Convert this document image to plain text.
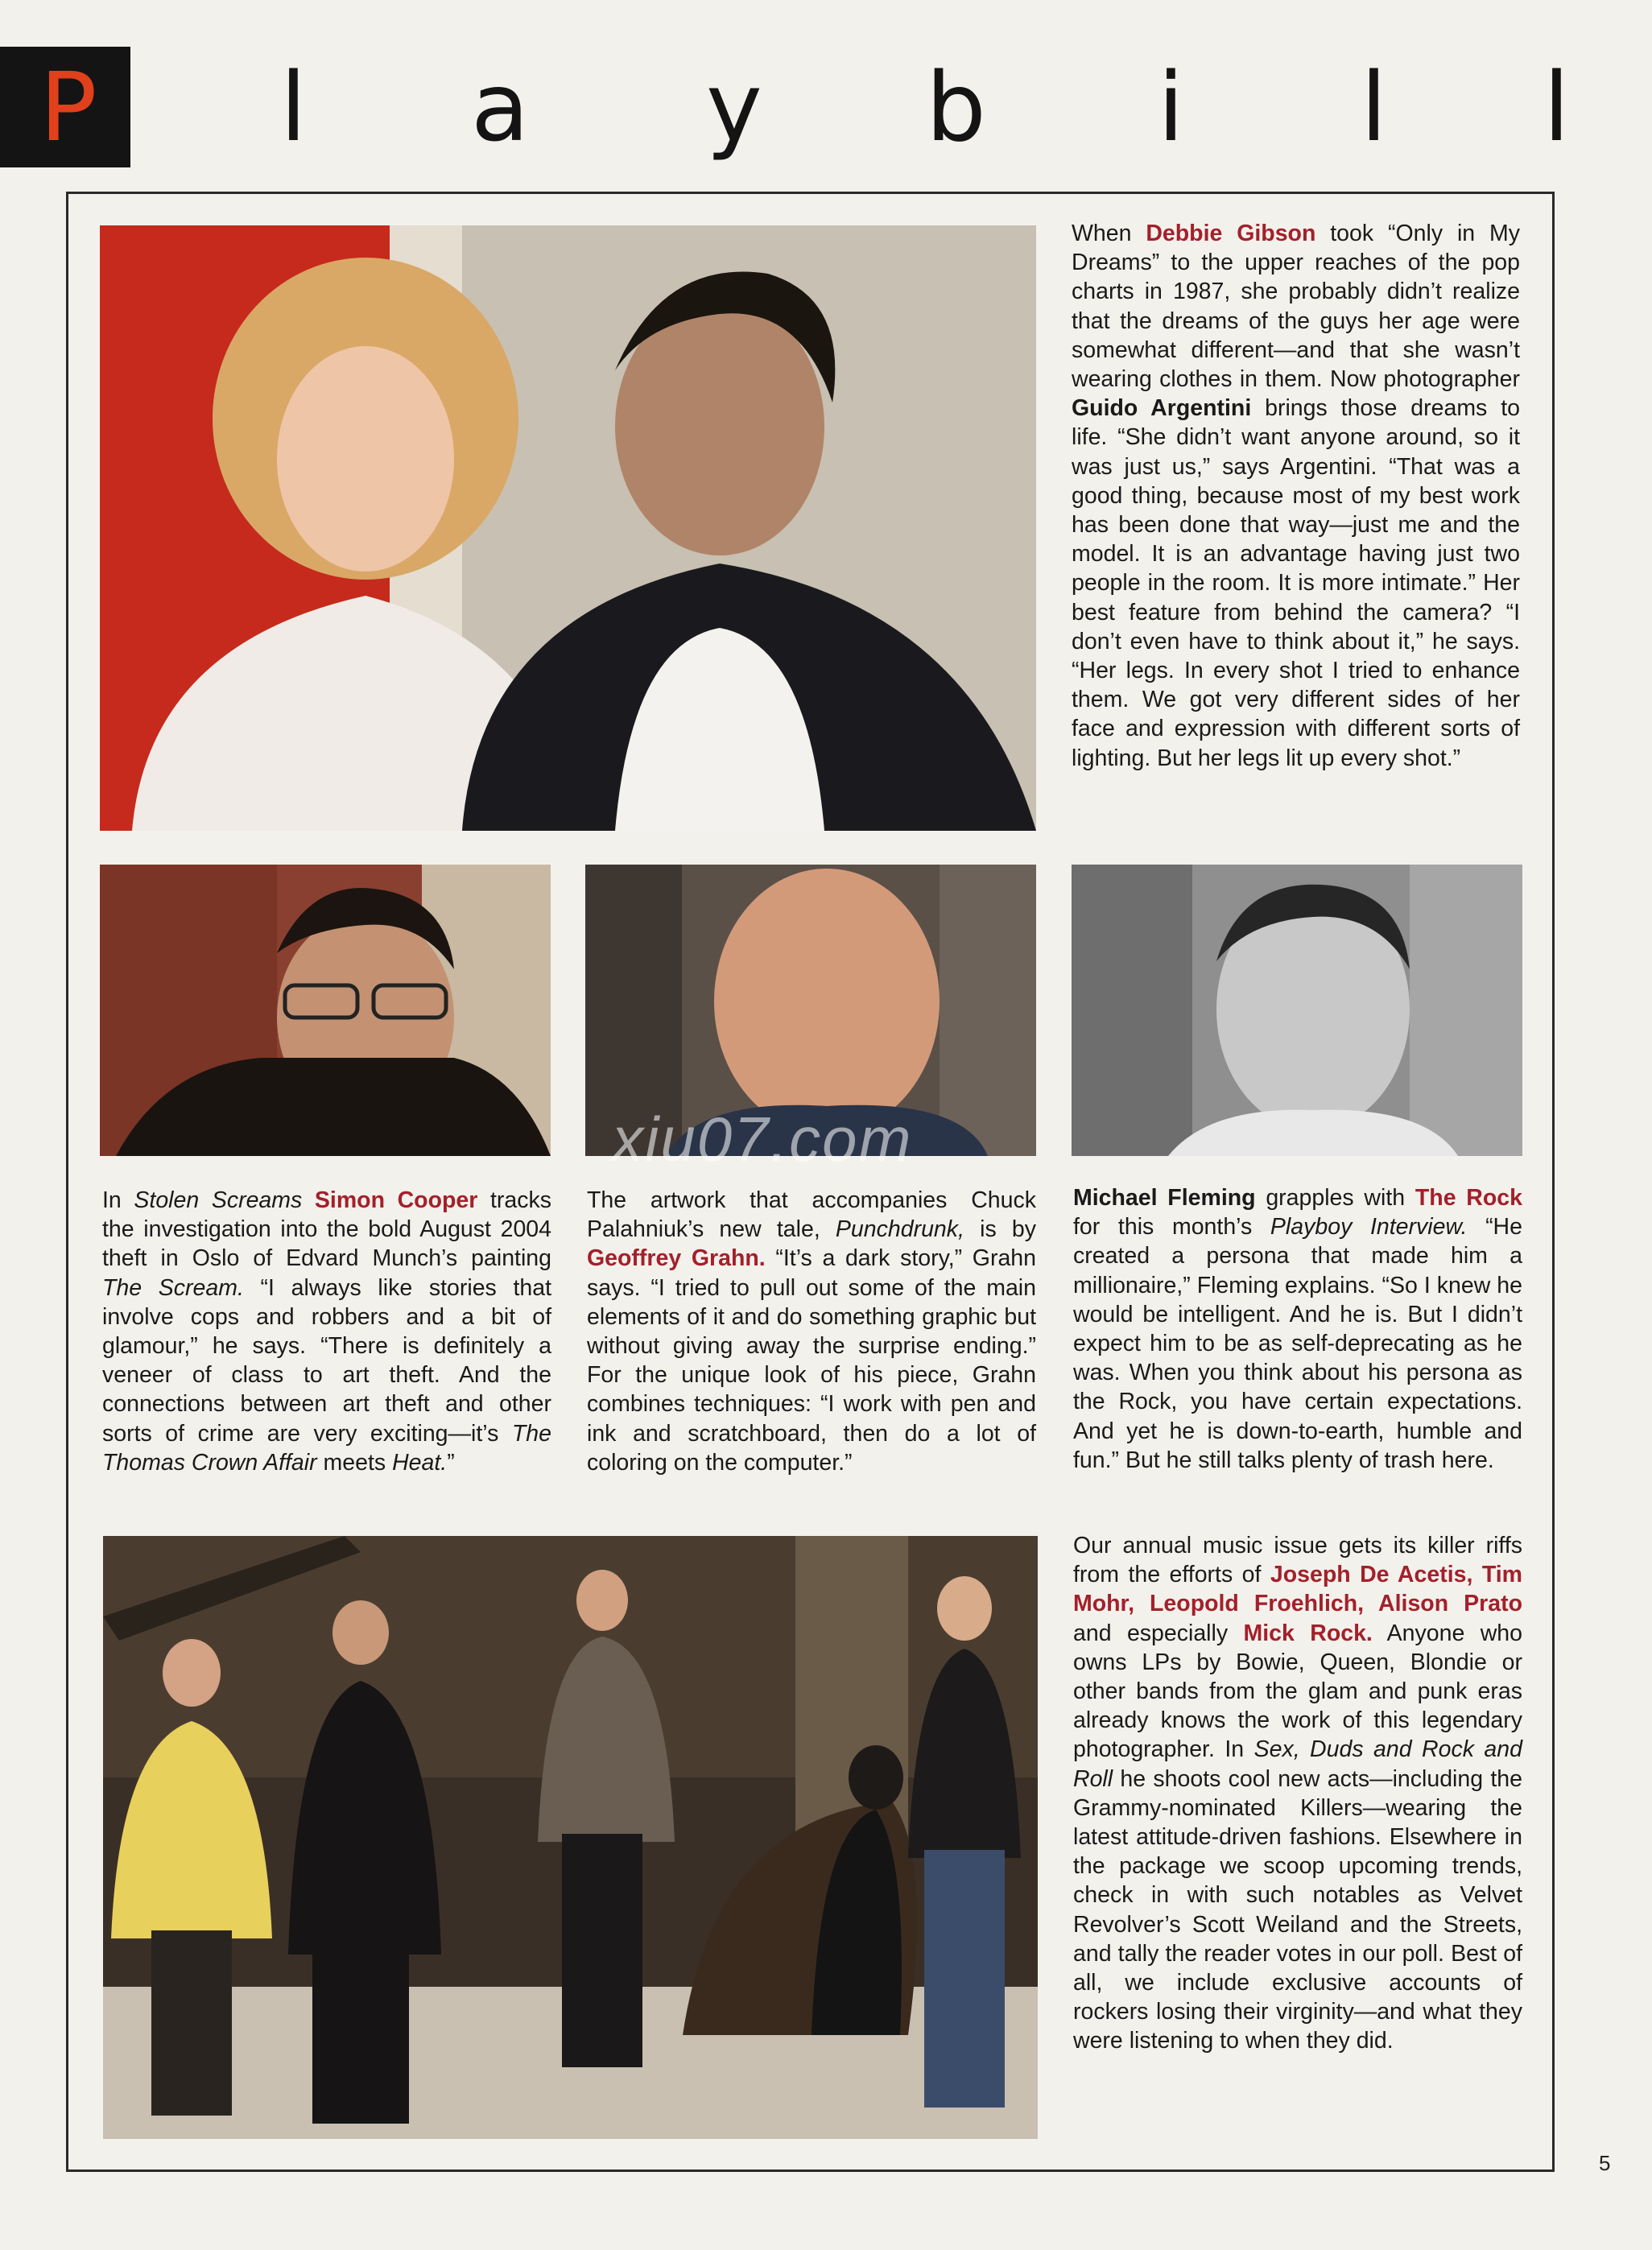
P	l a y b i l l

When Debbie Gibson took “Only in My Dreams” to the upper reaches of the pop charts in 1987, she probably didn’t realize that the dreams of the guys her age were somewhat different—and that she wasn’t wearing clothes in them. Now photographer Guido Argentini brings those dreams to life. “She didn’t want anyone around, so it was just us,” says Argentini. “That was a good thing, because most of my best work has been done that way—just me and the model. It is an advantage having just two people in the room. It is more intimate.” Her best feature from behind the camera? “I don’t even have to think about it,” he says. “Her legs. In every shot I tried to enhance them. We got very different sides of her face and expression with different sorts of lighting. But her legs lit up every shot.”

xiu07.com

In Stolen Screams Simon Cooper tracks the investigation into the bold August 2004 theft in Oslo of Edvard Munch’s painting The Scream. “I always like stories that involve cops and robbers and a bit of glamour,” he says. “There is definitely a veneer of class to art theft. And the connections between art theft and other sorts of crime are very exciting—it’s The Thomas Crown Affair meets Heat.”

The artwork that accompanies Chuck Palahniuk’s new tale, Punchdrunk, is by Geoffrey Grahn. “It’s a dark story,” Grahn says. “I tried to pull out some of the main elements of it and do something graphic but without giving away the surprise ending.” For the unique look of his piece, Grahn combines techniques: “I work with pen and ink and scratchboard, then do a lot of coloring on the computer.”

Michael Fleming grapples with The Rock for this month’s Playboy Interview. “He created a persona that made him a millionaire,” Fleming explains. “So I knew he would be intelligent. And he is. But I didn’t expect him to be as self-deprecating as he was. When you think about his persona as the Rock, you have certain expectations. And yet he is down-to-earth, humble and fun.” But he still talks plenty of trash here.

Our annual music issue gets its killer riffs from the efforts of Joseph De Acetis, Tim Mohr, Leopold Froehlich, Alison Prato and especially Mick Rock. Anyone who owns LPs by Bowie, Queen, Blondie or other bands from the glam and punk eras already knows the work of this legendary photographer. In Sex, Duds and Rock and Roll he shoots cool new acts—including the Grammy-nominated Killers—wearing the latest attitude-driven fashions. Elsewhere in the package we scoop upcoming trends, check in with such notables as Velvet Revolver’s Scott Weiland and the Streets, and tally the reader votes in our poll. Best of all, we include exclusive accounts of rockers losing their virginity—and what they were listening to when they did.

5
